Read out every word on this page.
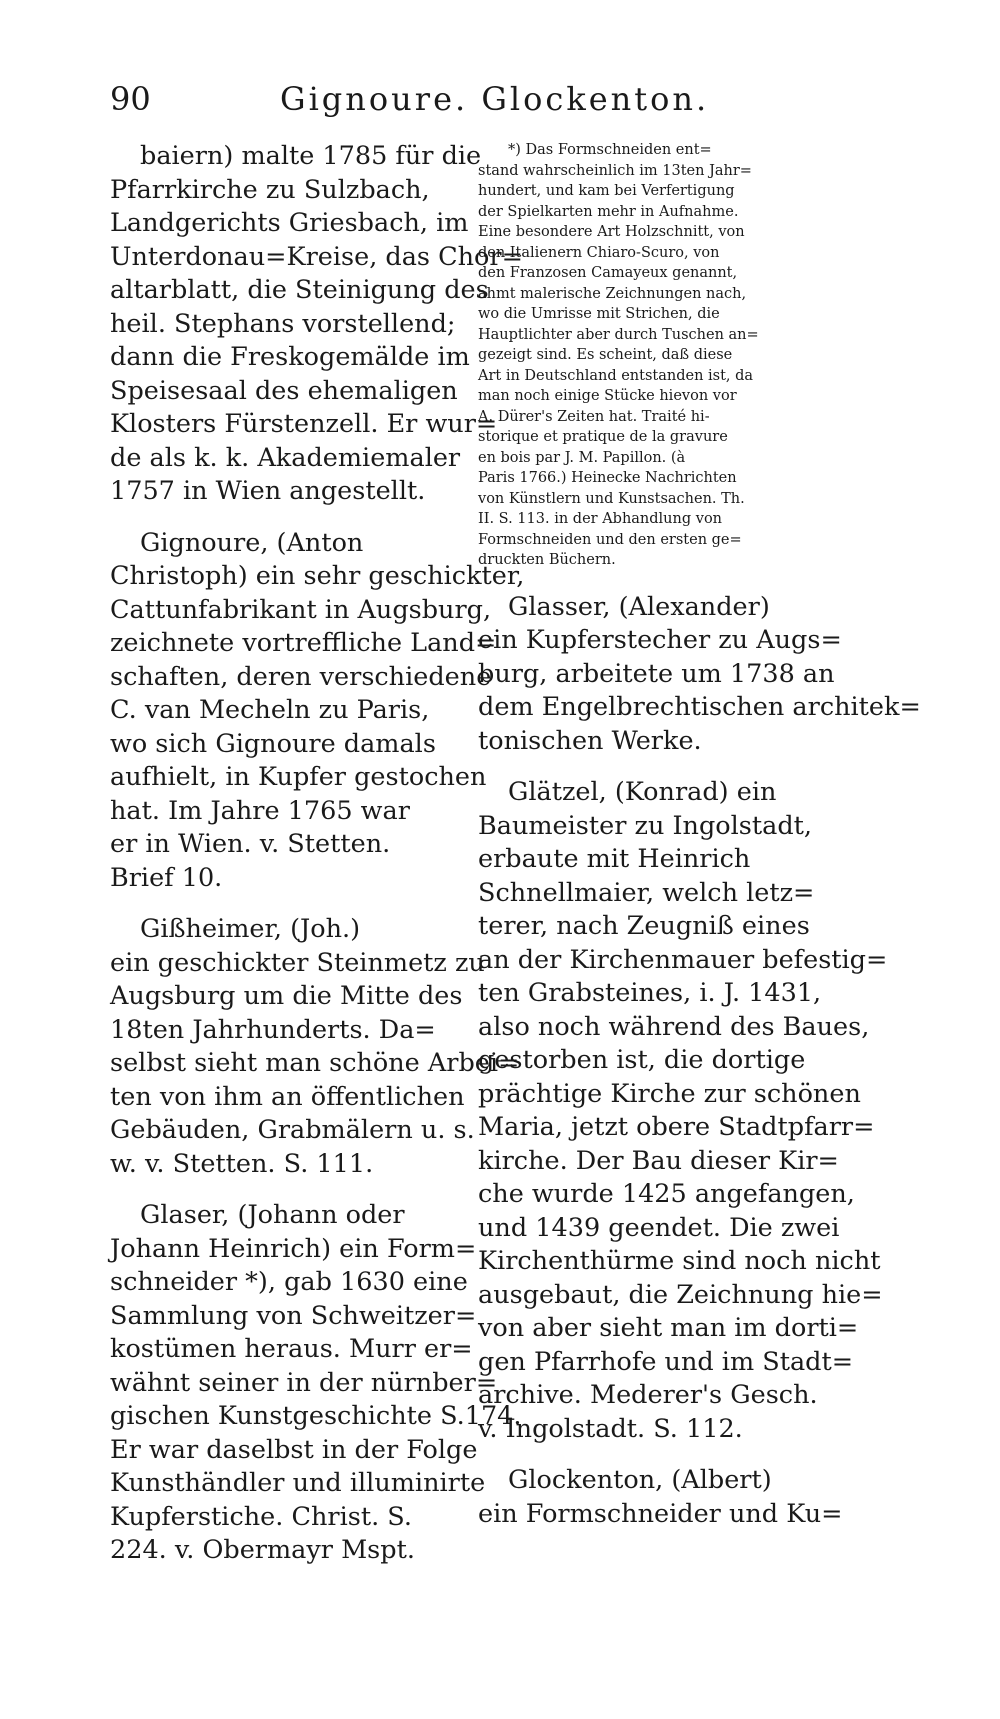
90	Gignoure. Glockenton.
baiern) malte 1785 für die
Pfarrkirche zu Sulzbach,
Landgerichts Griesbach, im
Unterdonau=Kreise, das Chor=
altarblatt, die Steinigung des
heil. Stephans vorstellend;
dann die Freskogemälde im
Speisesaal des ehemaligen
Klosters Fürstenzell. Er wur=
de als k. k. Akademiemaler
1757 in Wien angestellt.
Gignoure, (Anton
Christoph) ein sehr geschickter,
Cattunfabrikant in Augsburg,
zeichnete vortreffliche Land=
schaften, deren verschiedene
C. van Mecheln zu Paris,
wo sich Gignoure damals
aufhielt, in Kupfer gestochen
hat. Im Jahre 1765 war
er in Wien. v. Stetten.
Brief 10.
Gißheimer, (Joh.)
ein geschickter Steinmetz zu
Augsburg um die Mitte des
18ten Jahrhunderts. Da=
selbst sieht man schöne Arbei=
ten von ihm an öffentlichen
Gebäuden, Grabmälern u. s.
w. v. Stetten. S. 111.
Glaser, (Johann oder
Johann Heinrich) ein Form=
schneider *), gab 1630 eine
Sammlung von Schweitzer=
kostümen heraus. Murr er=
wähnt seiner in der nürnber=
gischen Kunstgeschichte S.174.
Er war daselbst in der Folge
Kunsthändler und illuminirte
Kupferstiche. Christ. S.
224. v. Obermayr Mspt.
*) Das Formschneiden ent=
stand wahrscheinlich im 13ten Jahr=
hundert, und kam bei Verfertigung
der Spielkarten mehr in Aufnahme.
Eine besondere Art Holzschnitt, von
den Italienern Chiaro-Scuro, von
den Franzosen Camayeux genannt,
ahmt malerische Zeichnungen nach,
wo die Umrisse mit Strichen, die
Hauptlichter aber durch Tuschen an=
gezeigt sind. Es scheint, daß diese
Art in Deutschland entstanden ist, da
man noch einige Stücke hievon vor
A. Dürer's Zeiten hat. Traité hi-
storique et pratique de la gravure
en bois par J. M. Papillon. (à
Paris 1766.) Heinecke Nachrichten
von Künstlern und Kunstsachen. Th.
II. S. 113. in der Abhandlung von
Formschneiden und den ersten ge=
druckten Büchern.
Glasser, (Alexander)
ein Kupferstecher zu Augs=
burg, arbeitete um 1738 an
dem Engelbrechtischen architek=
tonischen Werke.
Glätzel, (Konrad) ein
Baumeister zu Ingolstadt,
erbaute mit Heinrich
Schnellmaier, welch letz=
terer, nach Zeugniß eines
an der Kirchenmauer befestig=
ten Grabsteines, i. J. 1431,
also noch während des Baues,
gestorben ist, die dortige
prächtige Kirche zur schönen
Maria, jetzt obere Stadtpfarr=
kirche. Der Bau dieser Kir=
che wurde 1425 angefangen,
und 1439 geendet. Die zwei
Kirchenthürme sind noch nicht
ausgebaut, die Zeichnung hie=
von aber sieht man im dorti=
gen Pfarrhofe und im Stadt=
archive. Mederer's Gesch.
v. Ingolstadt. S. 112.
Glockenton, (Albert)
ein Formschneider und Ku=
